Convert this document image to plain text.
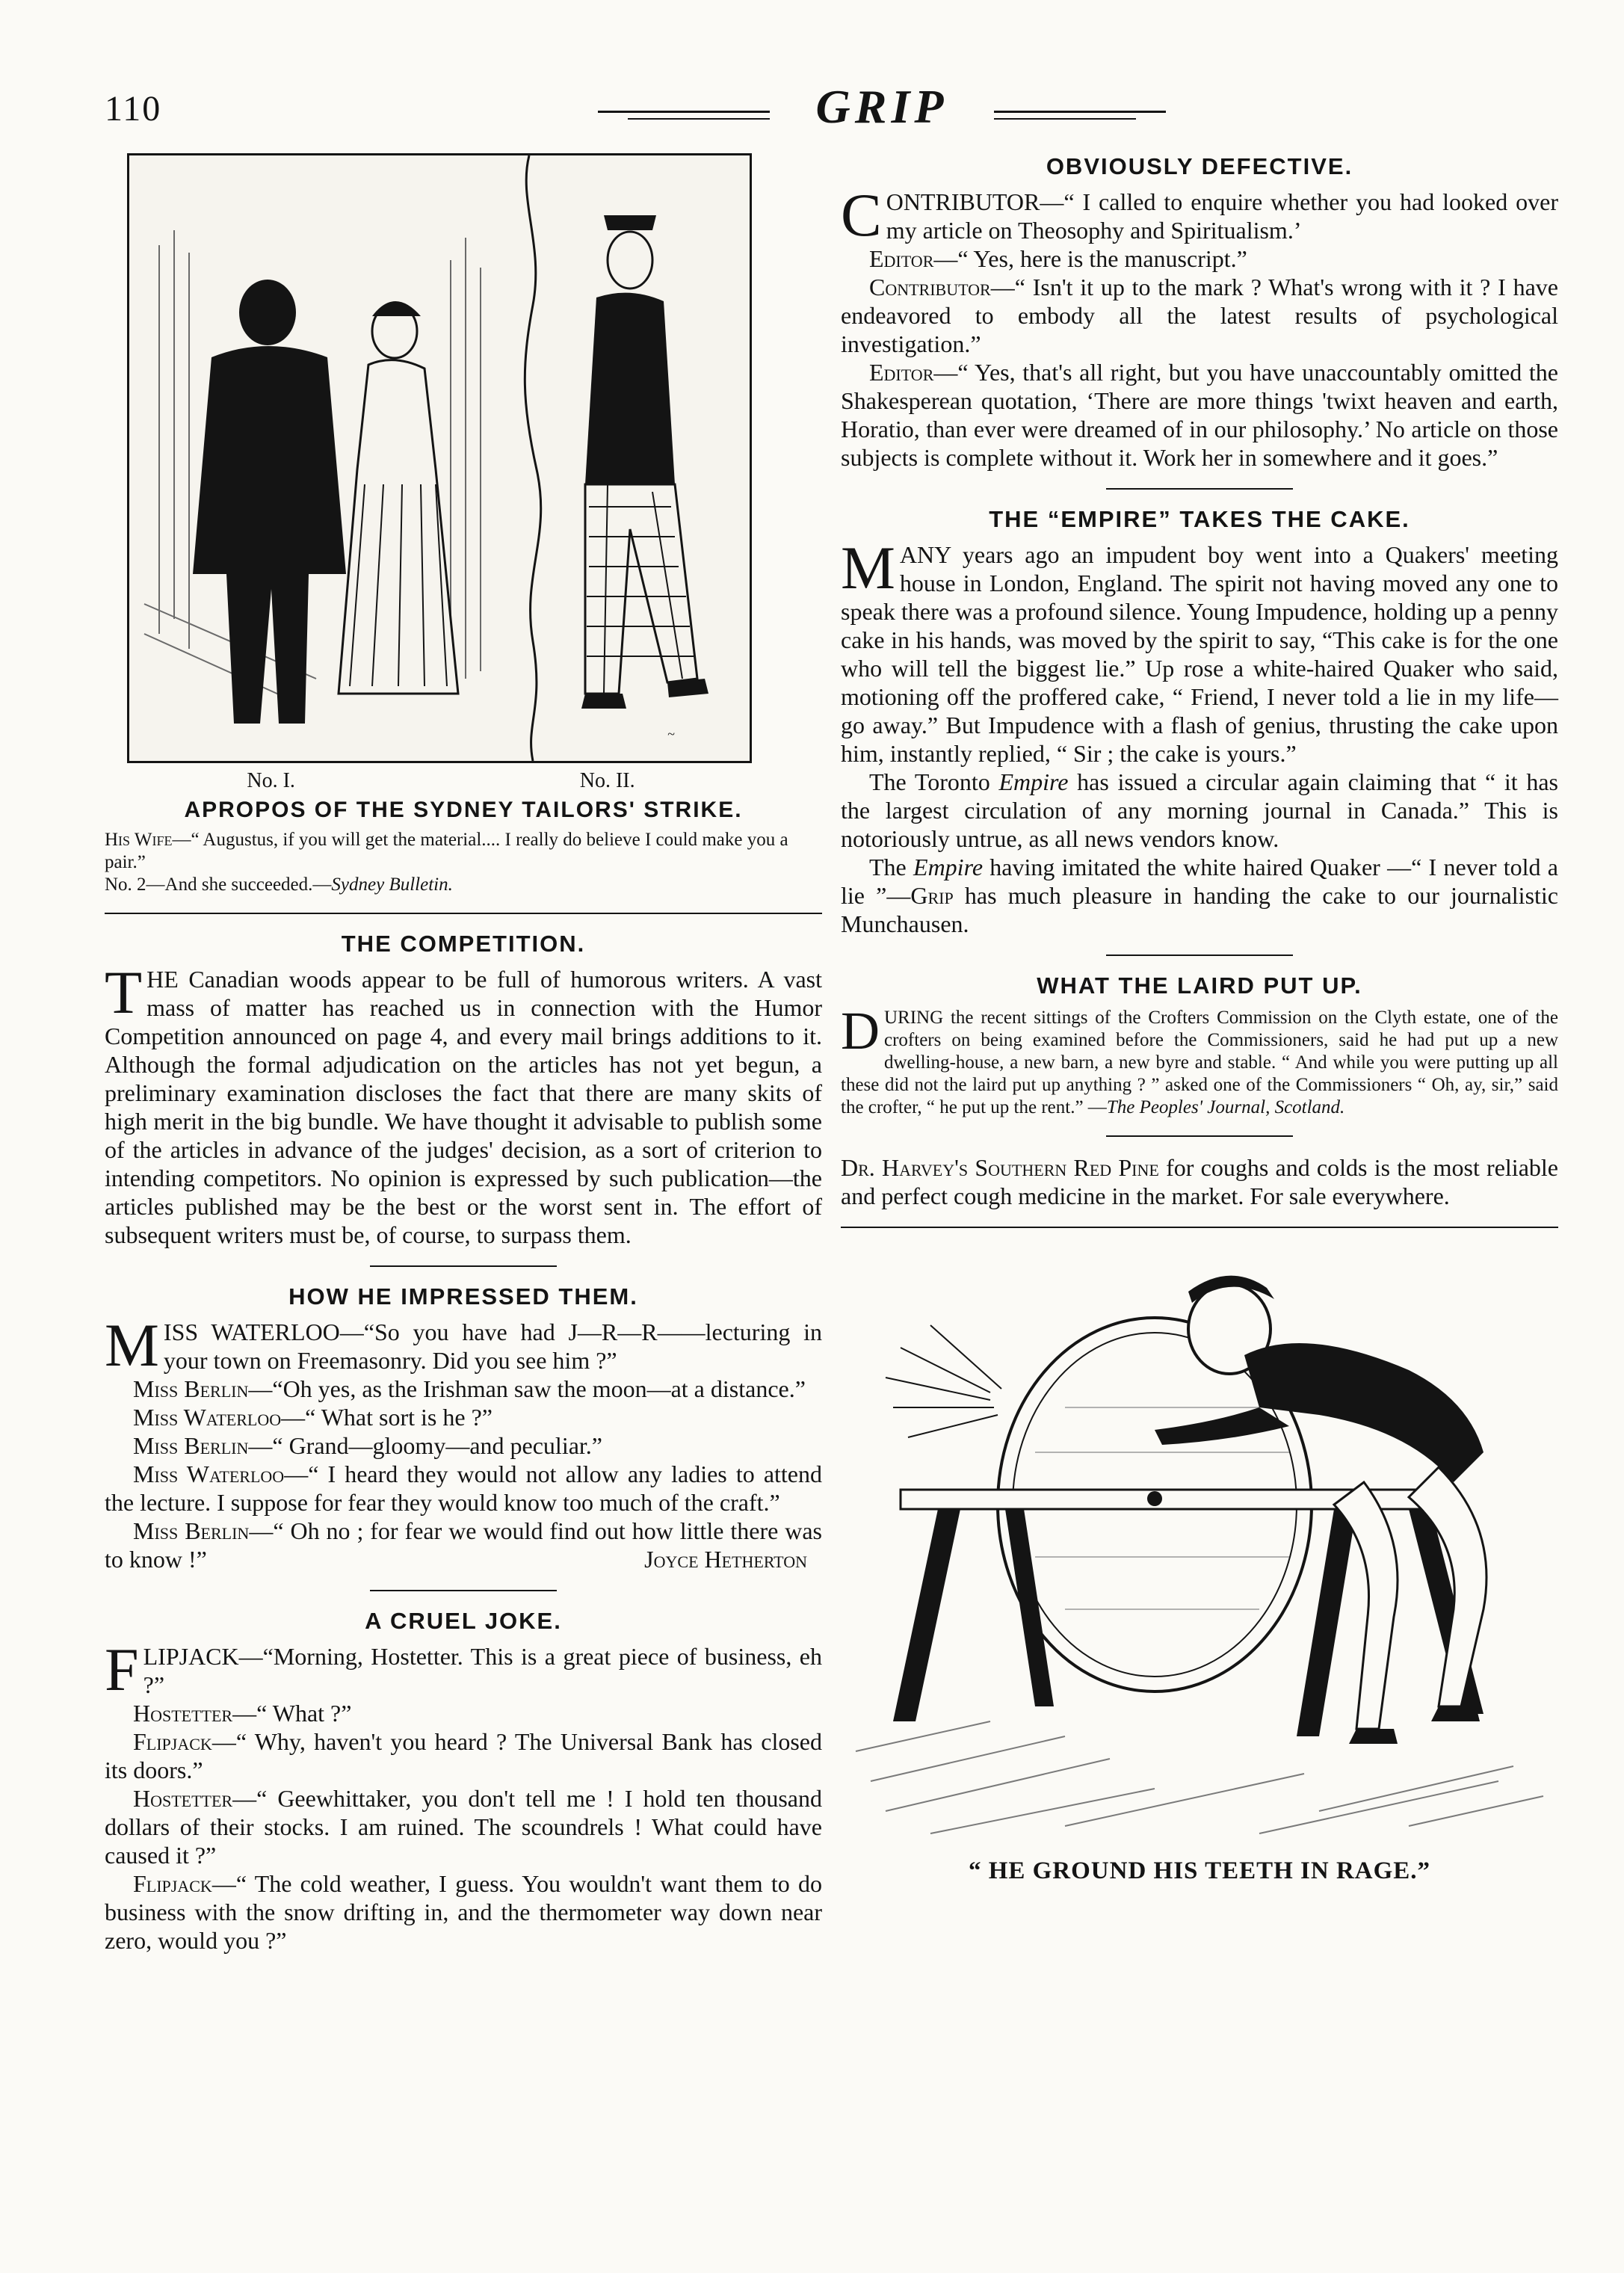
110	GRIP
~
No. I.	No. II.
APROPOS OF THE SYDNEY TAILORS' STRIKE.
His Wife—“ Augustus, if you will get the material.... I really do believe I could make you a pair.”
No. 2—And she succeeded.—Sydney Bulletin.
THE COMPETITION.

THE Canadian woods appear to be full of humorous writers. A vast mass of matter has reached us in connection with the Humor Competition announced on page 4, and every mail brings additions to it. Although the formal adjudication on the articles has not yet begun, a preliminary examination discloses the fact that there are many skits of high merit in the big bundle. We have thought it advisable to publish some of the articles in advance of the judges' decision, as a sort of criterion to intending competitors. No opinion is expressed by such publication—the articles published may be the best or the worst sent in. The effort of subsequent writers must be, of course, to surpass them.

HOW HE IMPRESSED THEM.

MISS WATERLOO—“So you have had J—R—R——lecturing in your town on Freemasonry. Did you see him ?”

Miss Berlin—“Oh yes, as the Irishman saw the moon—at a distance.”

Miss Waterloo—“ What sort is he ?”

Miss Berlin—“ Grand—gloomy—and peculiar.”

Miss Waterloo—“ I heard they would not allow any ladies to attend the lecture. I suppose for fear they would know too much of the craft.”

Miss Berlin—“ Oh no ; for fear we would find out how little there was to know !”	Joyce Hetherton

A CRUEL JOKE.

FLIPJACK—“Morning, Hostetter. This is a great piece of business, eh ?”

Hostetter—“ What ?”

Flipjack—“ Why, haven't you heard ? The Universal Bank has closed its doors.”

Hostetter—“ Geewhittaker, you don't tell me ! I hold ten thousand dollars of their stocks. I am ruined. The scoundrels ! What could have caused it ?”

Flipjack—“ The cold weather, I guess. You wouldn't want them to do business with the snow drifting in, and the thermometer way down near zero, would you ?”

OBVIOUSLY DEFECTIVE.

CONTRIBUTOR—“ I called to enquire whether you had looked over my article on Theosophy and Spiritualism.’

Editor—“ Yes, here is the manuscript.”

Contributor—“ Isn't it up to the mark ? What's wrong with it ? I have endeavored to embody all the latest results of psychological investigation.”

Editor—“ Yes, that's all right, but you have unaccountably omitted the Shakesperean quotation, ‘There are more things 'twixt heaven and earth, Horatio, than ever were dreamed of in our philosophy.’ No article on those subjects is complete without it. Work her in somewhere and it goes.”

THE “EMPIRE” TAKES THE CAKE.

MANY years ago an impudent boy went into a Quakers' meeting house in London, England. The spirit not having moved any one to speak there was a profound silence. Young Impudence, holding up a penny cake in his hands, was moved by the spirit to say, “This cake is for the one who will tell the biggest lie.” Up rose a white-haired Quaker who said, motioning off the proffered cake, “ Friend, I never told a lie in my life—go away.” But Impudence with a flash of genius, thrusting the cake upon him, instantly replied, “ Sir ; the cake is yours.”

The Toronto Empire has issued a circular again claiming that “ it has the largest circulation of any morning journal in Canada.” This is notoriously untrue, as all news vendors know.

The Empire having imitated the white haired Quaker —“ I never told a lie ”—Grip has much pleasure in handing the cake to our journalistic Munchausen.

WHAT THE LAIRD PUT UP.

DURING the recent sittings of the Crofters Commission on the Clyth estate, one of the crofters on being examined before the Commissioners, said he had put up a new dwelling-house, a new barn, a new byre and stable. “ And while you were putting up all these did not the laird put up anything ? ” asked one of the Commissioners “ Oh, ay, sir,” said the crofter, “ he put up the rent.” —The Peoples' Journal, Scotland.

Dr. Harvey's Southern Red Pine for coughs and colds is the most reliable and perfect cough medicine in the market. For sale everywhere.

“ HE GROUND HIS TEETH IN RAGE.”
